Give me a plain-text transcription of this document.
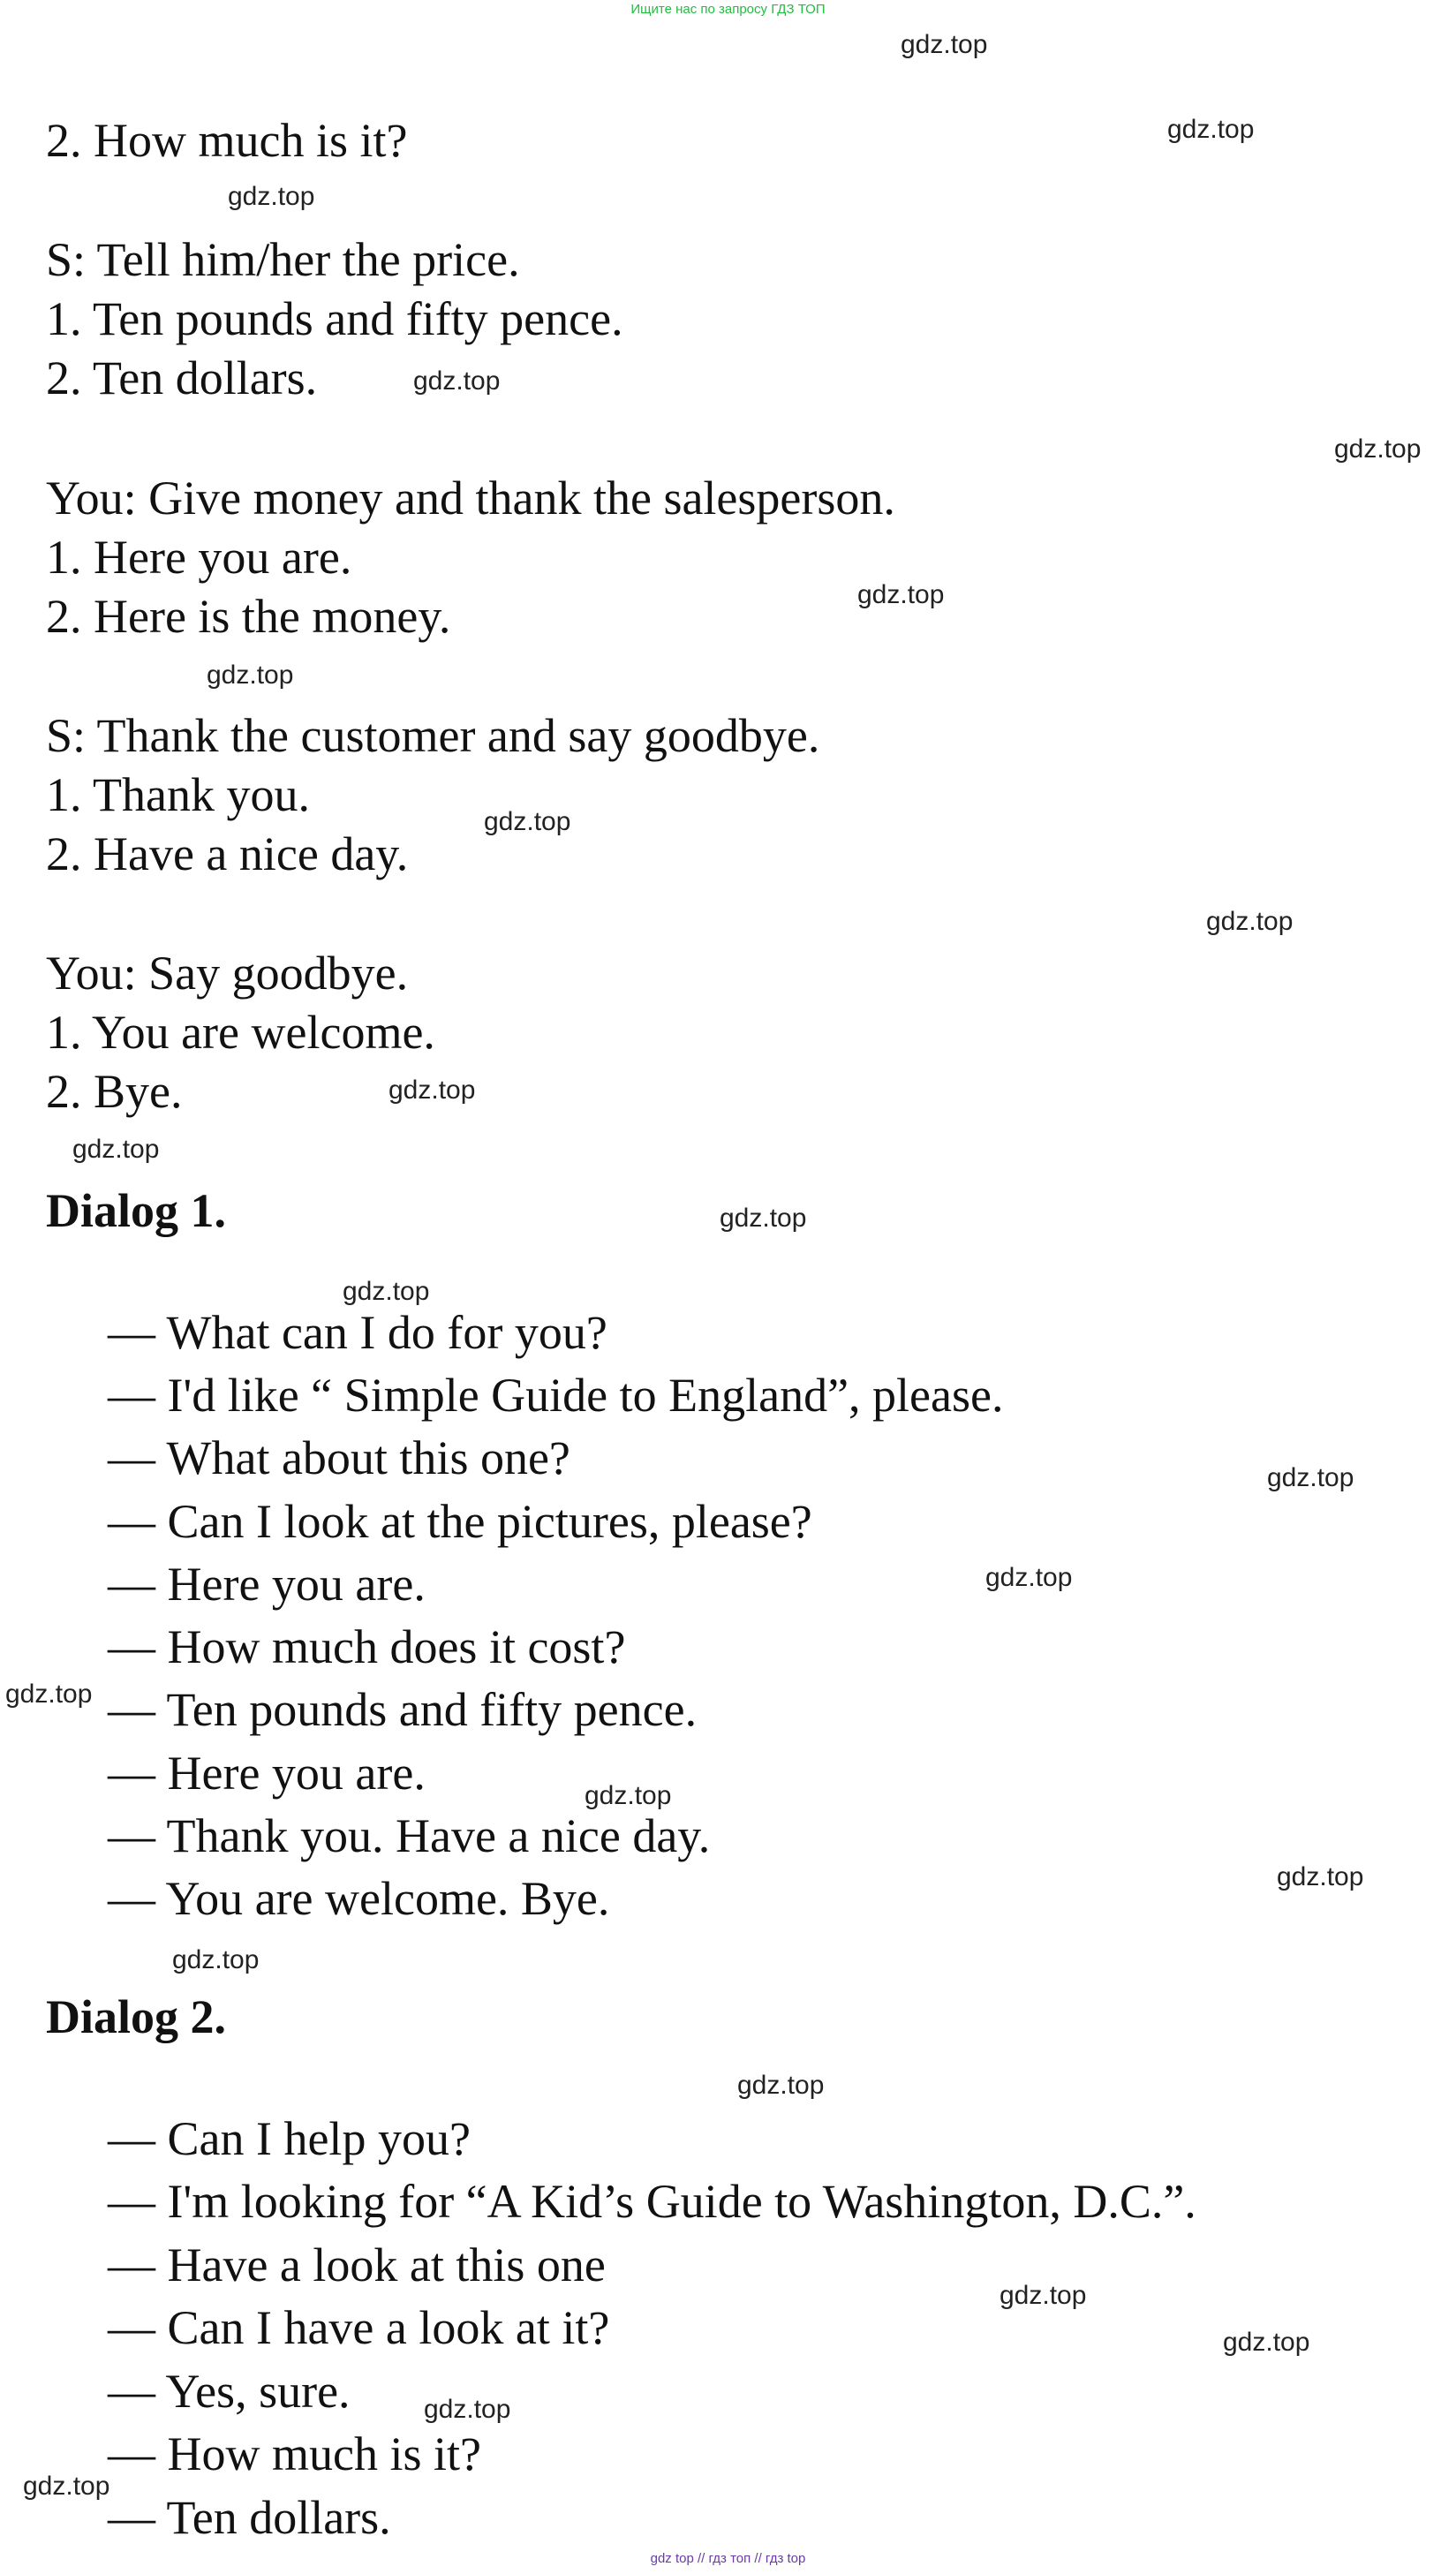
Ищите нас по запросу ГДЗ ТОП
2. How much is it?
S: Tell him/her the price.
1. Ten pounds and fifty pence.
2. Ten dollars.
You: Give money and thank the salesperson.
1. Here you are.
2. Here is the money.
S: Thank the customer and say goodbye.
1. Thank you.
2. Have a nice day.
You: Say goodbye.
1. You are welcome.
2. Bye.
Dialog 1.
— What can I do for you?
— I'd like “ Simple Guide to England”, please.
— What about this one?
— Can I look at the pictures, please?
— Here you are.
— How much does it cost?
— Ten pounds and fifty pence.
— Here you are.
— Thank you. Have a nice day.
— You are welcome. Bye.
Dialog 2.
— Can I help you?
— I'm looking for “A Kid’s Guide to Washington, D.C.”.
— Have a look at this one
— Can I have a look at it?
— Yes, sure.
— How much is it?
— Ten dollars.
gdz.top
gdz.top
gdz.top
gdz.top
gdz.top
gdz.top
gdz.top
gdz.top
gdz.top
gdz.top
gdz.top
gdz.top
gdz.top
gdz.top
gdz.top
gdz.top
gdz.top
gdz.top
gdz.top
gdz.top
gdz.top
gdz.top
gdz.top
gdz.top
gdz top // гдз топ // гдз top
